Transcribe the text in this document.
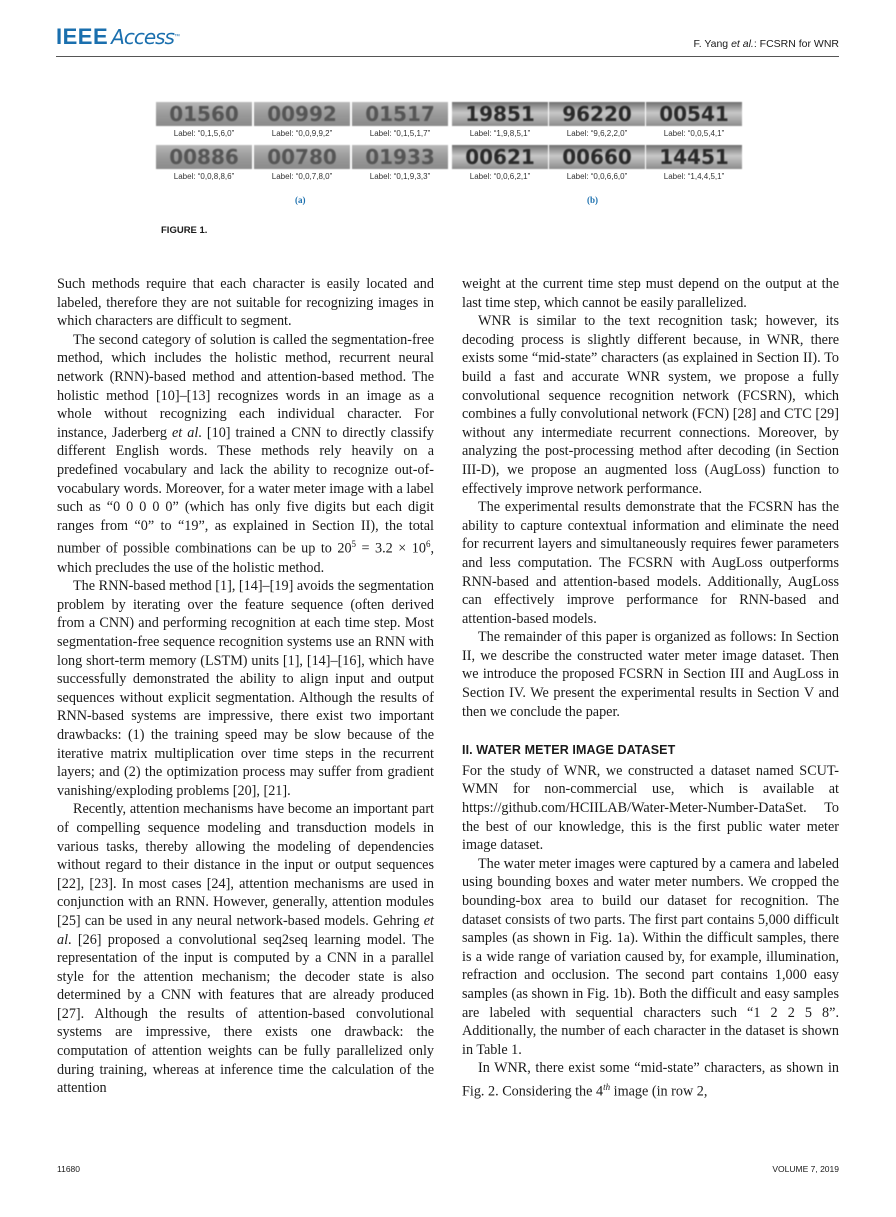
IEEE Access™
F. Yang et al.: FCSRN for WNR
01560
Label: “0,1,5,6,0”
00992
Label: “0,0,9,9,2”
01517
Label: “0,1,5,1,7”
00886
Label: “0,0,8,8,6”
00780
Label: “0,0,7,8,0”
01933
Label: “0,1,9,3,3”
(a)
19851
Label: “1,9,8,5,1”
96220
Label: “9,6,2,2,0”
00541
Label: “0,0,5,4,1”
00621
Label: “0,0,6,2,1”
00660
Label: “0,0,6,6,0”
14451
Label: “1,4,4,5,1”
(b)
FIGURE 1.

Such methods require that each character is easily located and labeled, therefore they are not suitable for recognizing images in which characters are difficult to segment.

The second category of solution is called the segmentation-free method, which includes the holistic method, recurrent neural network (RNN)-based method and attention-based method. The holistic method [10]–[13] recognizes words in an image as a whole without recognizing each individual character. For instance, Jaderberg et al. [10] trained a CNN to directly classify different English words. These methods rely heavily on a predefined vocabulary and lack the ability to recognize out-of-vocabulary words. Moreover, for a water meter image with a label such as “0 0 0 0 0” (which has only five digits but each digit ranges from “0” to “19”, as explained in Section II), the total number of possible combinations can be up to $20^5 = 3.2 \times 10^6$, which precludes the use of the holistic method.

The RNN-based method [1], [14]–[19] avoids the segmentation problem by iterating over the feature sequence (often derived from a CNN) and performing recognition at each time step. Most segmentation-free sequence recognition systems use an RNN with long short-term memory (LSTM) units [1], [14]–[16], which have successfully demonstrated the ability to align input and output sequences without explicit segmentation. Although the results of RNN-based systems are impressive, there exist two important drawbacks: (1) the training speed may be slow because of the iterative matrix multiplication over time steps in the recurrent layers; and (2) the optimization process may suffer from gradient vanishing/exploding problems [20], [21].

Recently, attention mechanisms have become an important part of compelling sequence modeling and transduction models in various tasks, thereby allowing the modeling of dependencies without regard to their distance in the input or output sequences [22], [23]. In most cases [24], attention mechanisms are used in conjunction with an RNN. However, generally, attention modules [25] can be used in any neural network-based models. Gehring et al. [26] proposed a convolutional seq2seq learning model. The representation of the input is computed by a CNN in a parallel style for the attention mechanism; the decoder state is also determined by a CNN with features that are already produced [27]. Although the results of attention-based convolutional systems are impressive, there exists one drawback: the computation of attention weights can be fully parallelized only during training, whereas at inference time the calculation of the attention

weight at the current time step must depend on the output at the last time step, which cannot be easily parallelized.

WNR is similar to the text recognition task; however, its decoding process is slightly different because, in WNR, there exists some “mid-state” characters (as explained in Section II). To build a fast and accurate WNR system, we propose a fully convolutional sequence recognition network (FCSRN), which combines a fully convolutional network (FCN) [28] and CTC [29] without any intermediate recurrent connections. Moreover, by analyzing the post-processing method after decoding (in Section III-D), we propose an augmented loss (AugLoss) function to effectively improve network performance.

The experimental results demonstrate that the FCSRN has the ability to capture contextual information and eliminate the need for recurrent layers and simultaneously requires fewer parameters and less computation. The FCSRN with AugLoss outperforms RNN-based and attention-based models. Additionally, AugLoss can effectively improve performance for RNN-based and attention-based models.

The remainder of this paper is organized as follows: In Section II, we describe the constructed water meter image dataset. Then we introduce the proposed FCSRN in Section III and AugLoss in Section IV. We present the experimental results in Section V and then we conclude the paper.

II. WATER METER IMAGE DATASET

For the study of WNR, we constructed a dataset named SCUT-WMN for non-commercial use, which is available at https://github.com/HCIILAB/Water-Meter-Number-DataSet. To the best of our knowledge, this is the first public water meter image dataset.

The water meter images were captured by a camera and labeled using bounding boxes and water meter numbers. We cropped the bounding-box area to build our dataset for recognition. The dataset consists of two parts. The first part contains 5,000 difficult samples (as shown in Fig. 1a). Within the difficult samples, there is a wide range of variation caused by, for example, illumination, refraction and occlusion. The second part contains 1,000 easy samples (as shown in Fig. 1b). Both the difficult and easy samples are labeled with sequential characters such “1 2 2 5 8”. Additionally, the number of each character in the dataset is shown in Table 1.

In WNR, there exist some “mid-state” characters, as shown in Fig. 2. Considering the 4th image (in row 2,

11680	VOLUME 7, 2019
